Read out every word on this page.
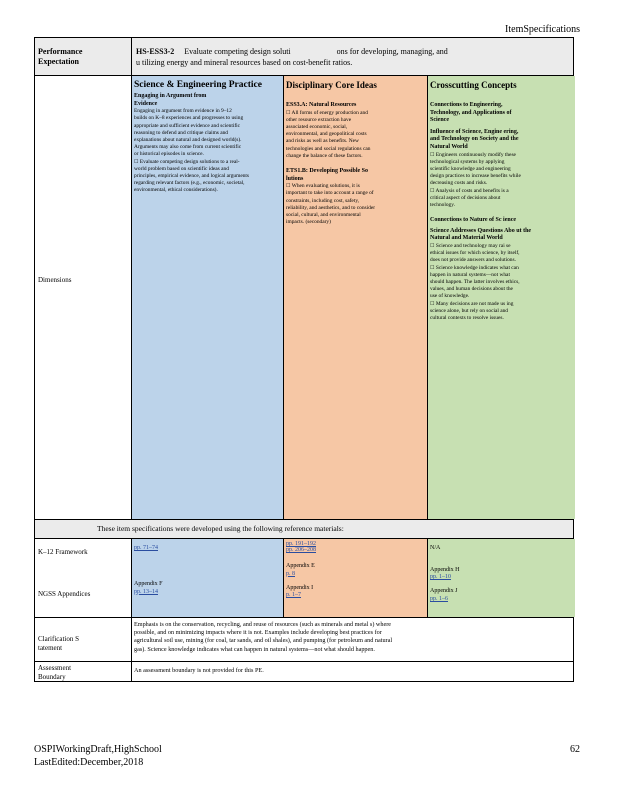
ItemSpecifications
Performance Expectation
HS-ESS3-2 Evaluate competing design soluti	ons for developing, managing, and
u tilizing energy and mineral resources based on cost-benefit ratios.
Dimensions
Science & Engineering Practice
Engaging in Argument from Evidence
Engaging in argument from evidence in 9–12 builds on K–8 experiences and progresses to using appropriate and sufficient evidence and scientific reasoning to defend and critique claims and explanations about natural and designed world(s). Arguments may also come from current scientific or historical episodes in science.
☐ Evaluate competing design solutions to a real-world problem based on scientific ideas and principles, empirical evidence, and logical arguments regarding relevant factors (e.g., economic, societal, environmental, ethical considerations).
Disciplinary Core Ideas
ESS3.A: Natural Resources
☐ All forms of energy production and other resource extraction have associated economic, social, environmental, and geopolitical costs and risks as well as benefits. New technologies and social regulations can change the balance of these factors.
ETS1.B: Developing Possible So lutions
☐ When evaluating solutions, it is important to take into account a range of constraints, including cost, safety, reliability, and aesthetics, and to consider social, cultural, and environmental impacts. (secondary)
Crosscutting Concepts
Connections to Engineering, Technology, and Applications of Science
Influence of Science, Engine ering, and Technology on Society and the Natural World
☐ Engineers continuously modify these technological systems by applying scientific knowledge and engineering design practices to increase benefits while decreasing costs and risks.
☐ Analysis of costs and benefits is a critical aspect of decisions about technology.
Connections to Nature of Sc ience
Science Addresses Questions Abo ut the Natural and Material World
☐ Science and technology may rai se ethical issues for which science, by itself, does not provide answers and solutions.
☐ Science knowledge indicates what can happen in natural systems—not what should happen. The latter involves ethics, values, and human decisions about the use of knowledge.
☐ Many decisions are not made us ing science alone, but rely on social and cultural contexts to resolve issues.
These item specifications were developed using the following reference materials:
K–12 Framework
NGSS Appendices
pp. 71–74
Appendix F
pp. 13–14
pp. 191–192
pp. 206–208
Appendix E
p. 8
Appendix I
p. 1–7
N/A
Appendix H
pp. 1–10
Appendix J
pp. 1–6
Clarification S tatement
Emphasis is on the conservation, recycling, and reuse of resources (such as minerals and metal s) where possible, and on minimizing impacts where it is not. Examples include developing best practices for agricultural soil use, mining (for coal, tar sands, and oil shales), and pumping (for petroleum and natural gas). Science knowledge indicates what can happen in natural systems—not what should happen.
Assessment Boundary
An assessment boundary is not provided for this PE.
OSPIWorkingDraft,HighSchool
LastEdited:December,2018
62
